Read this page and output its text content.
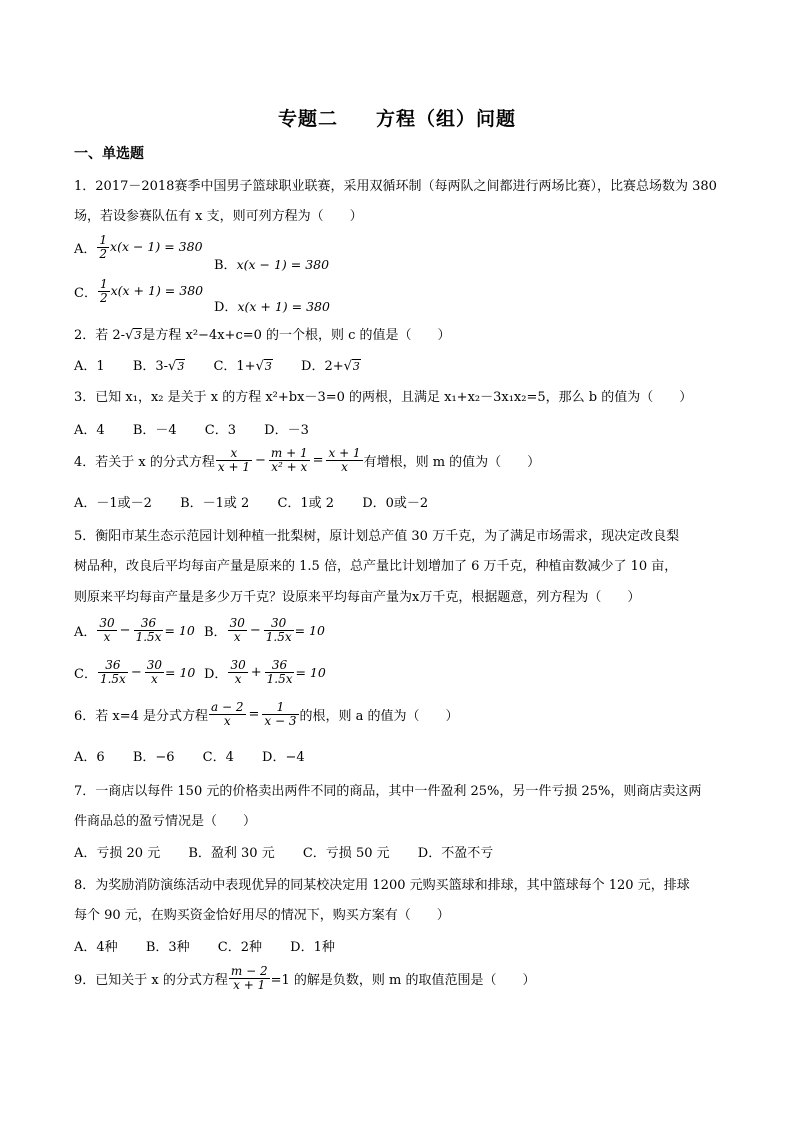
专题二 方程（组）问题
一、单选题
1．2017－2018赛季中国男子篮球职业联赛，采用双循环制（每两队之间都进行两场比赛），比赛总场数为 380
场，若设参赛队伍有 x 支，则可列方程为（　　）
A． $\frac{1}{2} x(x - 1) = 380$
B．x(x − 1) = 380
C． $\frac{1}{2} x(x + 1) = 380$
D．x(x + 1) = 380
2．若 2-√3是方程 x²−4x+c=0 的一个根，则 c 的值是（　　）
A．1 B．3-√3 C．1+√3 D．2+√3
3．已知 x₁，x₂ 是关于 x 的方程 x²+bx－3=0 的两根，且满足 x₁+x₂－3x₁x₂=5，那么 b 的值为（　　）
A．4 B．－4 C．3 D．－3
4．若关于 x 的分式方程 $\frac{x}{x + 1} - \frac{m + 1}{\text{x² + x}} = \frac{x + 1}{x}$ 有增根，则 m 的值为（　　）
A．－1或－2 B．－1或 2 C．1或 2 D．0或－2
5．衡阳市某生态示范园计划种植一批梨树，原计划总产值 30 万千克，为了满足市场需求，现决定改良梨
树品种，改良后平均每亩产量是原来的 1.5 倍，总产量比计划增加了 6 万千克，种植亩数减少了 10 亩，
则原来平均每亩产量是多少万千克？设原来平均每亩产量为x万千克，根据题意，列方程为（　　）
A． $\frac{30}{x} - \frac{36}{1.5x} = 10$ B． $\frac{30}{x} - \frac{30}{1.5x} = 10$
C． $\frac{36}{1.5x} - \frac{30}{x} = 10$ D． $\frac{30}{x} + \frac{36}{1.5x} = 10$
6．若 x=4 是分式方程 $\frac{a - 2}{x} = \frac{1}{x - 3}$ 的根，则 a 的值为（　　）
A．6 B．−6 C．4 D．−4
7．一商店以每件 150 元的价格卖出两件不同的商品，其中一件盈利 25%，另一件亏损 25%，则商店卖这两
件商品总的盈亏情况是（　　）
A．亏损 20 元 B．盈利 30 元 C．亏损 50 元 D．不盈不亏
8．为奖励消防演练活动中表现优异的同某校决定用 1200 元购买篮球和排球，其中篮球每个 120 元，排球
每个 90 元，在购买资金恰好用尽的情况下，购买方案有（　　）
A．4种 B．3种 C．2种 D．1种
9．已知关于 x 的分式方程 $\frac{m - 2}{x + 1} =1$ 的解是负数，则 m 的取值范围是（　　）
